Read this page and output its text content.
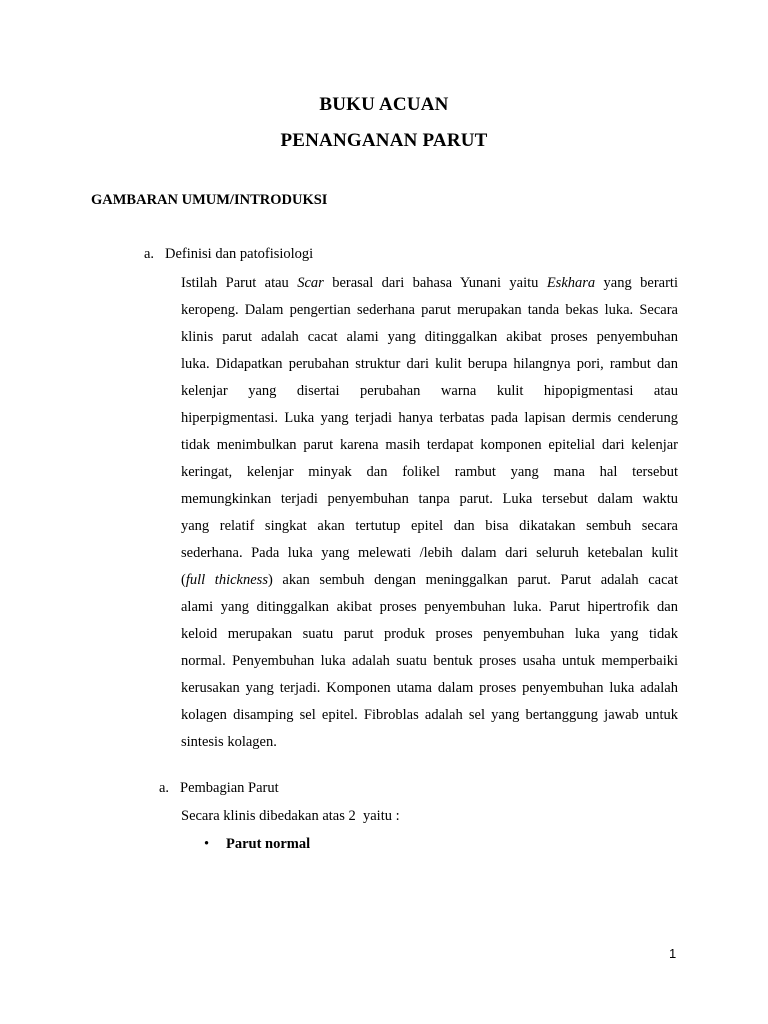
BUKU ACUAN
PENANGANAN PARUT
GAMBARAN UMUM/INTRODUKSI
a. Definisi dan patofisiologi
Istilah Parut atau Scar berasal dari bahasa Yunani yaitu Eskhara yang berarti
keropeng. Dalam pengertian sederhana parut merupakan tanda bekas luka. Secara
klinis parut adalah cacat alami yang ditinggalkan akibat proses penyembuhan
luka. Didapatkan perubahan struktur dari kulit berupa hilangnya pori, rambut dan
kelenjar yang disertai perubahan warna kulit hipopigmentasi atau
hiperpigmentasi. Luka yang terjadi hanya terbatas pada lapisan dermis cenderung
tidak menimbulkan parut karena masih terdapat komponen epitelial dari kelenjar
keringat, kelenjar minyak dan folikel rambut yang mana hal tersebut
memungkinkan terjadi penyembuhan tanpa parut. Luka tersebut dalam waktu
yang relatif singkat akan tertutup epitel dan bisa dikatakan sembuh secara
sederhana. Pada luka yang melewati /lebih dalam dari seluruh ketebalan kulit
(full thickness) akan sembuh dengan meninggalkan parut. Parut adalah cacat
alami yang ditinggalkan akibat proses penyembuhan luka. Parut hipertrofik dan
keloid merupakan suatu parut produk proses penyembuhan luka yang tidak
normal. Penyembuhan luka adalah suatu bentuk proses usaha untuk memperbaiki
kerusakan yang terjadi. Komponen utama dalam proses penyembuhan luka adalah
kolagen disamping sel epitel. Fibroblas adalah sel yang bertanggung jawab untuk
sintesis kolagen.
a. Pembagian Parut
Secara klinis dibedakan atas 2  yaitu :
• Parut normal
1
